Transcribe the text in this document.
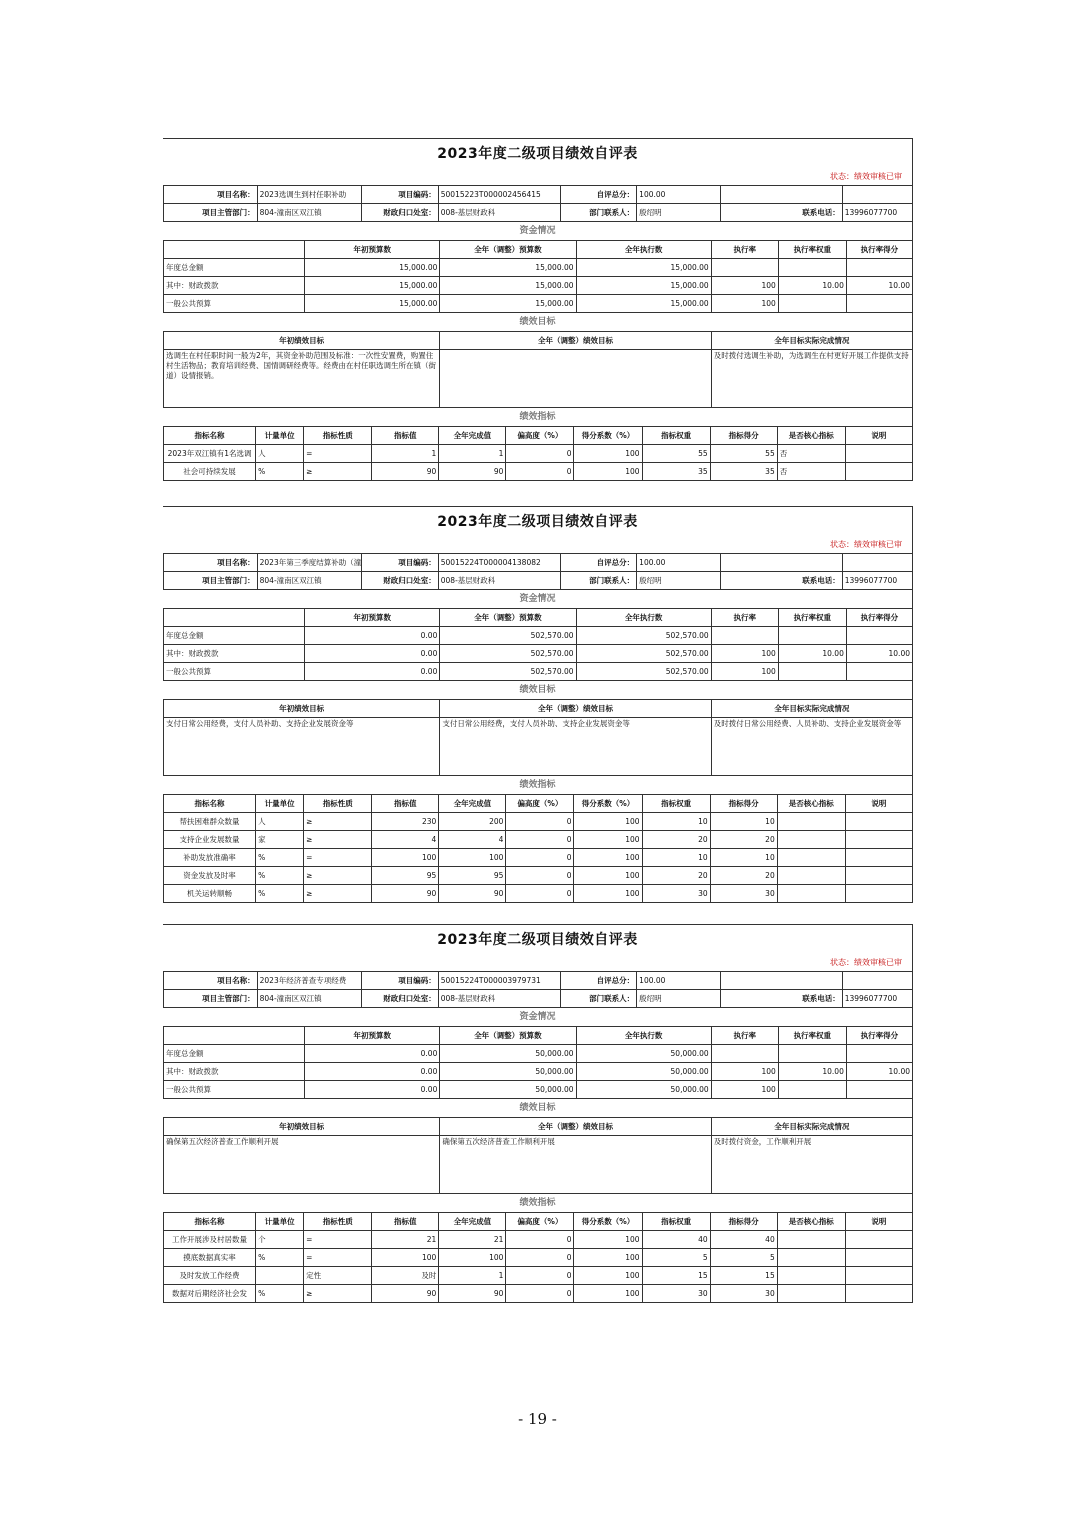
2023年度二级项目绩效自评表
状态：绩效审核已审
项目名称：	2023选调生到村任职补助	项目编码：	50015223T000002456415	自评总分：	100.00		
项目主管部门：	804-潼南区双江镇	财政归口处室：	008-基层财政科	部门联系人：	殷绍明	联系电话：	13996077700
资金情况
	年初预算数	全年（调整）预算数	全年执行数	执行率	执行率权重	执行率得分
年度总金额	15,000.00	15,000.00	15,000.00			
其中：财政拨款	15,000.00	15,000.00	15,000.00	100	10.00	10.00
一般公共预算	15,000.00	15,000.00	15,000.00	100		
绩效目标
年初绩效目标	全年（调整）绩效目标	全年目标实际完成情况
选调生在村任职时间一般为2年，其资金补助范围及标准：一次性安置费，购置住村生活物品；教育培训经费、国情调研经费等。经费由在村任职选调生所在镇（街道）设情报销。		及时拨付选调生补助，为选调生在村更好开展工作提供支持
绩效指标
指标名称	计量单位	指标性质	指标值	全年完成值	偏高度（%）	得分系数（%）	指标权重	指标得分	是否核心指标	说明
2023年双江镇有1名选调	人	=	1	1	0	100	55	55	否	
社会可持续发展	%	≥	90	90	0	100	35	35	否	
2023年度二级项目绩效自评表
状态：绩效审核已审
项目名称：	2023年第三季度结算补助（潼	项目编码：	50015224T000004138082	自评总分：	100.00		
项目主管部门：	804-潼南区双江镇	财政归口处室：	008-基层财政科	部门联系人：	殷绍明	联系电话：	13996077700
资金情况
	年初预算数	全年（调整）预算数	全年执行数	执行率	执行率权重	执行率得分
年度总金额	0.00	502,570.00	502,570.00			
其中：财政拨款	0.00	502,570.00	502,570.00	100	10.00	10.00
一般公共预算	0.00	502,570.00	502,570.00	100		
绩效目标
年初绩效目标	全年（调整）绩效目标	全年目标实际完成情况
支付日常公用经费，支付人员补助、支持企业发展资金等	支付日常公用经费，支付人员补助、支持企业发展资金等	及时拨付日常公用经费、人员补助、支持企业发展资金等
绩效指标
指标名称	计量单位	指标性质	指标值	全年完成值	偏高度（%）	得分系数（%）	指标权重	指标得分	是否核心指标	说明
帮扶困难群众数量	人	≥	230	200	0	100	10	10		
支持企业发展数量	家	≥	4	4	0	100	20	20		
补助发放准确率	%	=	100	100	0	100	10	10		
资金发放及时率	%	≥	95	95	0	100	20	20		
机关运转顺畅	%	≥	90	90	0	100	30	30		
2023年度二级项目绩效自评表
状态：绩效审核已审
项目名称：	2023年经济普查专项经费	项目编码：	50015224T000003979731	自评总分：	100.00		
项目主管部门：	804-潼南区双江镇	财政归口处室：	008-基层财政科	部门联系人：	殷绍明	联系电话：	13996077700
资金情况
	年初预算数	全年（调整）预算数	全年执行数	执行率	执行率权重	执行率得分
年度总金额	0.00	50,000.00	50,000.00			
其中：财政拨款	0.00	50,000.00	50,000.00	100	10.00	10.00
一般公共预算	0.00	50,000.00	50,000.00	100		
绩效目标
年初绩效目标	全年（调整）绩效目标	全年目标实际完成情况
确保第五次经济普查工作顺利开展	确保第五次经济普查工作顺利开展	及时拨付资金，工作顺利开展
绩效指标
指标名称	计量单位	指标性质	指标值	全年完成值	偏高度（%）	得分系数（%）	指标权重	指标得分	是否核心指标	说明
工作开展涉及村居数量	个	=	21	21	0	100	40	40		
摸底数据真实率	%	=	100	100	0	100	5	5		
及时发放工作经费		定性	及时	1	0	100	15	15		
数据对后期经济社会发	%	≥	90	90	0	100	30	30		
- 19 -
